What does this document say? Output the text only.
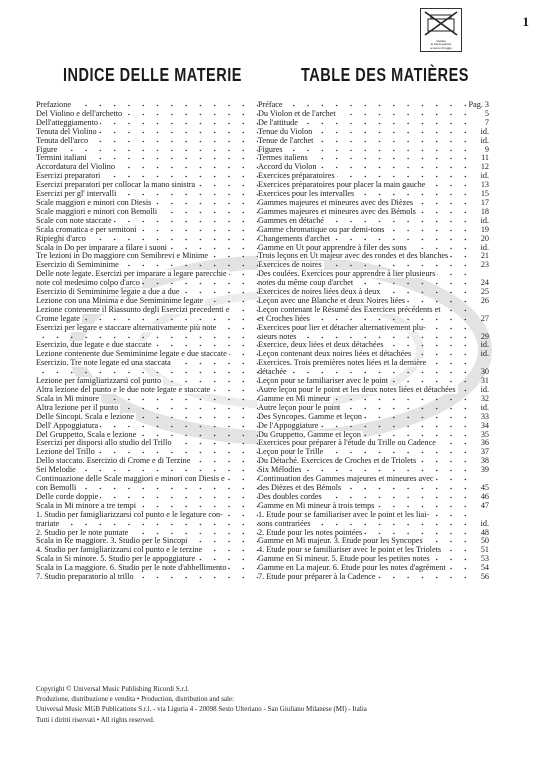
1
Vietata
la fotocopiatura
ai sensi di legge
INDICE DELLE MATERIE	TABLE DES MATIÈRES
Prefazione	Préface	Pag. 3
Del Violino e dell'archetto	Du Violon et de l'archet	5
Dell'atteggiamento	De l'attitude	7
Tenuta del Violino	Tenue du Violon	id.
Tenuta dell'arco	Tenue de l'archet	id.
Figure	Figures	9
Termini italiani	Termes italiens	11
Accordatura del Violino	Accord du Violon	12
Esercizi preparatori	Exercices préparatoires	id.
Esercizi preparatori per collocar la mano sinistra	Exercices préparatoires pour placer la main gauche	13
Esercizi per gl' intervalli	Exercices pour les intervalles	15
Scale maggiori e minori con Diesis	Gammes majeures et mineures avec des Dièzes	17
Scale maggiori e minori con Bemolli	Gammes majeures et mineures avec des Bémols	18
Scale con note staccate	Gammes en détaché	id.
Scala cromatica e per semitoni	Gamme chromatique ou par demi-tons	19
Ripieghi d'arco	Changements d'archet	20
Scala in Do per imparare a filare i suoni	Gamme en Ut pour apprendre à filer des sons	id.
Tre lezioni in Do maggiore con Semibrevi e Minime	Trois leçons en Ut majeur avec des rondes et des blanches	21
Esercizio di Semiminime	Exercices de noires	23
Delle note legate. Esercizi per imparare a legare parecchie	Des coulées. Exercices pour apprendre à lier plusieurs
note col medesimo colpo d'arco	notes du même coup d'archet	24
Esercizio di Semiminime legate a due a due	Exercices de noires liées deux à deux	25
Lezione con una Minima e due Semiminime legate	Leçon avec une Blanche et deux Noires liées	26
Lezione contenente il Riassunto degli Esercizi precedenti e	Leçon contenant le Résumé des Exercices précédents et
Crome legate	et Croches liées	27
Esercizi per legare e staccare alternativamente più note	Exercices pour lier et détacher alternativement plu-
sieurs notes	29
Esercizio, due legate e due staccate	Exercice, deux liées et deux détachées	id.
Lezione contenente due Semiminime legate e due staccate	Leçon contenant deux noires liées et détachées	id.
Esercizio. Tre note legate ed una staccata	Exercices. Trois premières notes liées et la dernière
détachée	30
Lezione per famigliarizzarsi col punto	Leçon pour se familiariser avec le point	31
Altra lezione del punto e le due note legate e staccate	Autre leçon pour le point et les deux notes liées et détachées	id.
Scala in Mi minore	Gamme en Mi mineur	32
Altra lezione per il punto	Autre leçon pour le point	id.
Delle Sincopi. Scala e lezione	Des Syncopes. Gamme et leçon	33
Dell' Appoggiatura	De l'Appoggiature	34
Del Gruppetto, Scala e lezione	Du Gruppetto, Gamme et leçon	35
Esercizi per disporsi allo studio del Trillo	Exercices pour préparer à l'étude du Trille ou Cadence	36
Lezione del Trillo	Leçon pour le Trille	37
Dello staccato. Esercizio di Crome e di Terzine	Du Détaché. Exercices de Croches et de Triolets	38
Sei Melodie	Six Mélodies	39
Continuazione delle Scale maggiori e minori con Diesis e	Continuation des Gammes majeures et mineures avec
con Bemolli	des Dièzes et des Bémols	45
Delle corde doppie	Des doubles cordes	46
Scala in Mi minore a tre tempi	Gamme en Mi mineur à trois temps	47
1. Studio per famigliarizzarsi col punto e le legature con-	1. Etude pour se familiariser avec le point et les liai-
trariate	sons contrariées	id.
2. Studio per le note puntate	2. Etude pour les notes pointées	48
Scala in Re maggiore. 3. Studio per le Sincopi	Gamme en Mi majeur. 3. Etude pour les Syncopes	50
4. Studio per famigliarizzarsi col punto e le terzine	4. Etude pour se familiariser avec le point et les Triolets	51
Scala in Si minore. 5. Studio per le appoggiature	Gamme en Si mineur. 5. Etude pour les petites notes	53
Scala in La maggiore. 6. Studio per le note d'abbellimento	Gamme en La majeur. 6. Etude pour les notes d'agrément	54
7. Studio preparatorio al trillo	7. Etude pour préparer à la Cadence	56
Copyright © Universal Music Publishing Ricordi S.r.l.
Produzione, distribuzione e vendita • Production, distribution and sale:
Universal Music MGB Publications S.r.l. - via Liguria 4 - 20098 Sesto Ulteriano - San Giuliano Milanese (MI) - Italia
Tutti i diritti riservati • All rights reserved.
